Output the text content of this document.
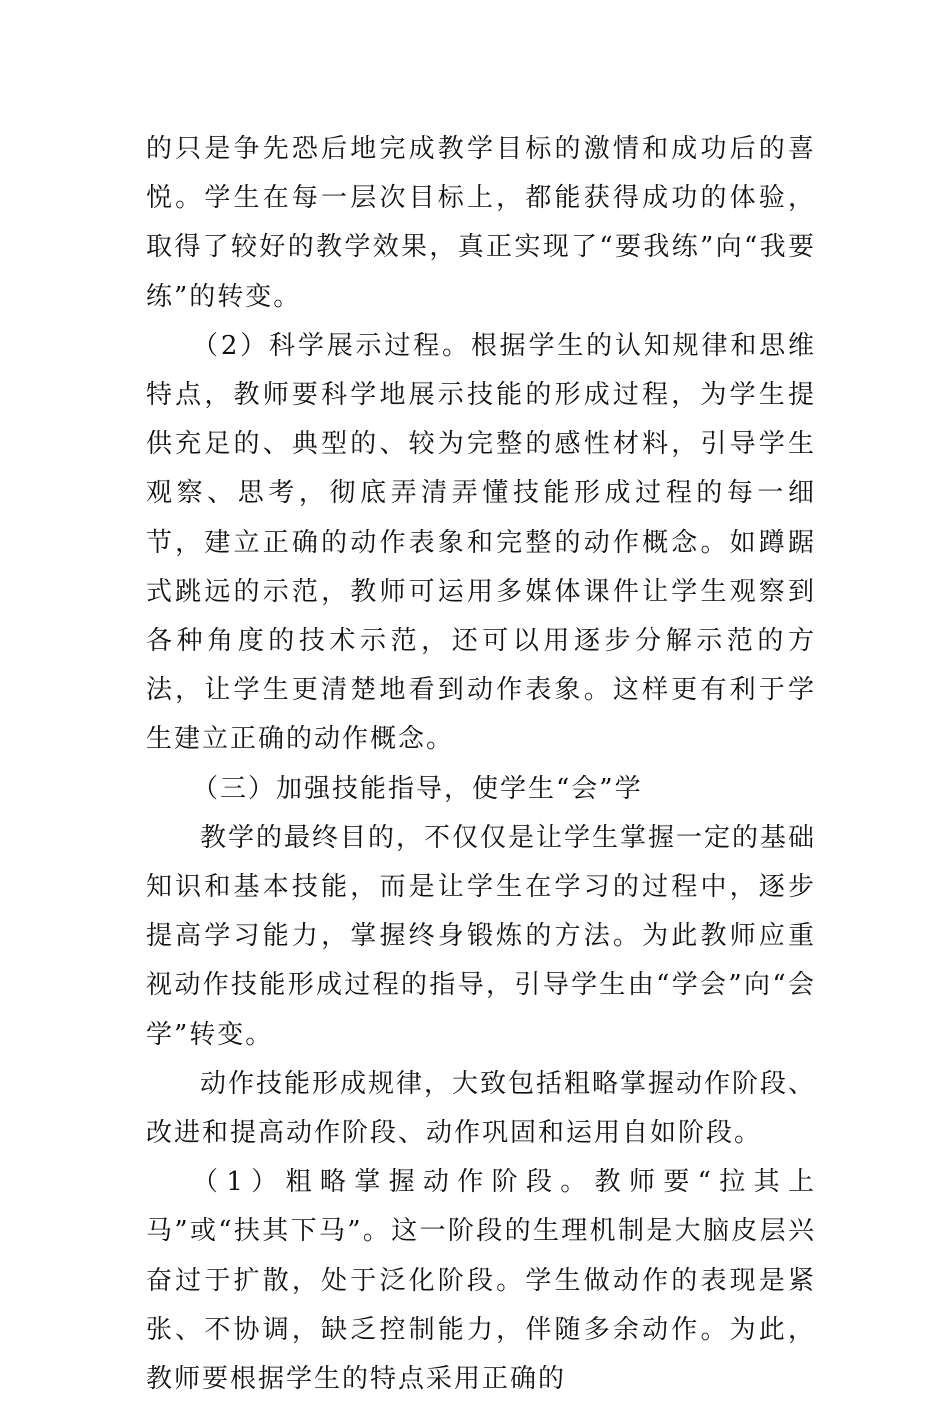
的只是争先恐后地完成教学目标的激情和成功后的喜悦。学生在每一层次目标上，都能获得成功的体验，取得了较好的教学效果，真正实现了“要我练”向“我要练”的转变。

（2）科学展示过程。根据学生的认知规律和思维特点，教师要科学地展示技能的形成过程，为学生提供充足的、典型的、较为完整的感性材料，引导学生观察、思考，彻底弄清弄懂技能形成过程的每一细节，建立正确的动作表象和完整的动作概念。如蹲踞式跳远的示范，教师可运用多媒体课件让学生观察到各种角度的技术示范，还可以用逐步分解示范的方法，让学生更清楚地看到动作表象。这样更有利于学生建立正确的动作概念。

（三）加强技能指导，使学生“会”学

教学的最终目的，不仅仅是让学生掌握一定的基础知识和基本技能，而是让学生在学习的过程中，逐步提高学习能力，掌握终身锻炼的方法。为此教师应重视动作技能形成过程的指导，引导学生由“学会”向“会学”转变。

动作技能形成规律，大致包括粗略掌握动作阶段、改进和提高动作阶段、动作巩固和运用自如阶段。

（1）粗略掌握动作阶段。教师要“拉其上马”或“扶其下马”。这一阶段的生理机制是大脑皮层兴奋过于扩散，处于泛化阶段。学生做动作的表现是紧张、不协调，缺乏控制能力，伴随多余动作。为此，教师要根据学生的特点采用正确的
